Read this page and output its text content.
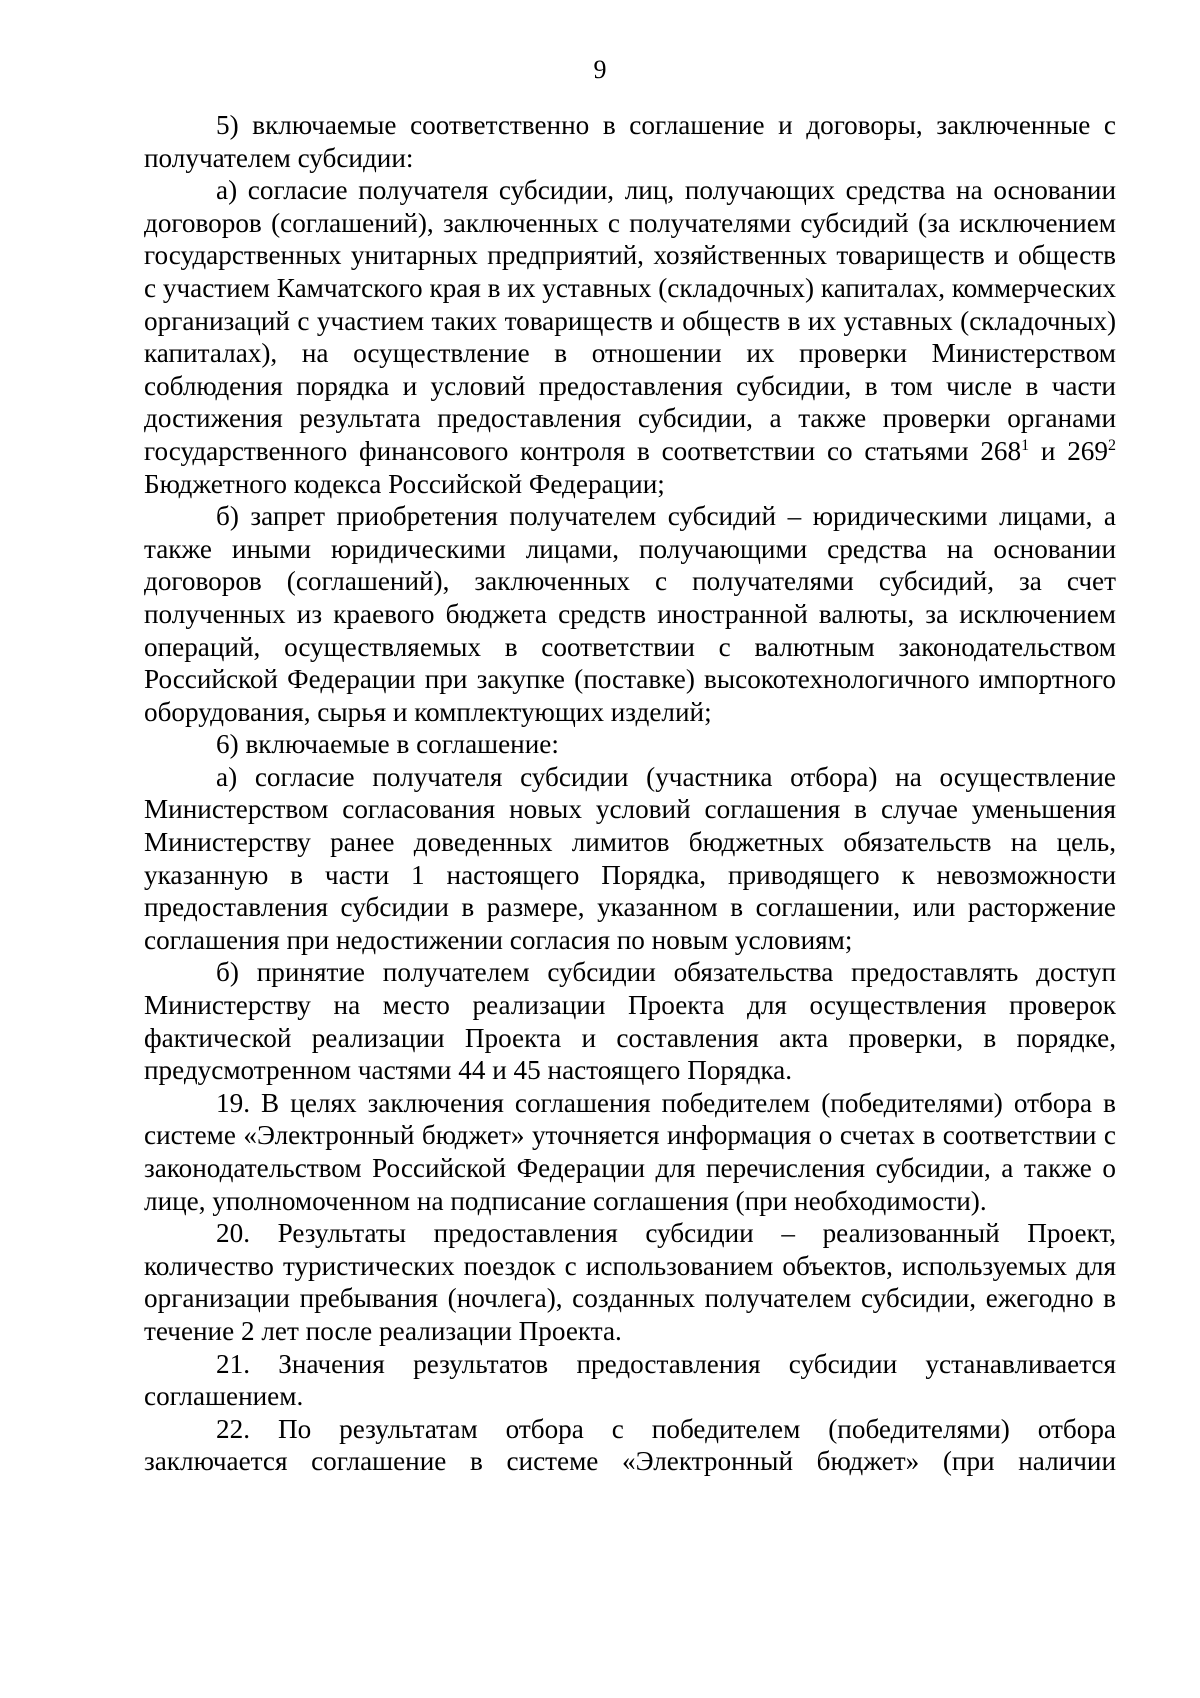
9

5) включаемые соответственно в соглашение и договоры, заключенные с получателем субсидии:

а) согласие получателя субсидии, лиц, получающих средства на основании договоров (соглашений), заключенных с получателями субсидий (за исключением государственных унитарных предприятий, хозяйственных товариществ и обществ с участием Камчатского края в их уставных (складочных) капиталах, коммерческих организаций с участием таких товариществ и обществ в их уставных (складочных) капиталах), на осуществление в отношении их проверки Министерством соблюдения порядка и условий предоставления субсидии, в том числе в части достижения результата предоставления субсидии, а также проверки органами государственного финансового контроля в соответствии со статьями $268^1$ и $269^2$ Бюджетного кодекса Российской Федерации;

б) запрет приобретения получателем субсидий – юридическими лицами, а также иными юридическими лицами, получающими средства на основании договоров (соглашений), заключенных с получателями субсидий, за счет полученных из краевого бюджета средств иностранной валюты, за исключением операций, осуществляемых в соответствии с валютным законодательством Российской Федерации при закупке (поставке) высокотехнологичного импортного оборудования, сырья и комплектующих изделий;

6) включаемые в соглашение:

а) согласие получателя субсидии (участника отбора) на осуществление Министерством согласования новых условий соглашения в случае уменьшения Министерству ранее доведенных лимитов бюджетных обязательств на цель, указанную в части 1 настоящего Порядка, приводящего к невозможности предоставления субсидии в размере, указанном в соглашении, или расторжение соглашения при недостижении согласия по новым условиям;

б) принятие получателем субсидии обязательства предоставлять доступ Министерству на место реализации Проекта для осуществления проверок фактической реализации Проекта и составления акта проверки, в порядке, предусмотренном частями 44 и 45 настоящего Порядка.

19. В целях заключения соглашения победителем (победителями) отбора в системе «Электронный бюджет» уточняется информация о счетах в соответствии с законодательством Российской Федерации для перечисления субсидии, а также о лице, уполномоченном на подписание соглашения (при необходимости).

20. Результаты предоставления субсидии – реализованный Проект, количество туристических поездок с использованием объектов, используемых для организации пребывания (ночлега), созданных получателем субсидии, ежегодно в течение 2 лет после реализации Проекта.

21. Значения результатов предоставления субсидии устанавливается соглашением.

22. По результатам отбора с победителем (победителями) отбора заключается соглашение в системе «Электронный бюджет» (при наличии
